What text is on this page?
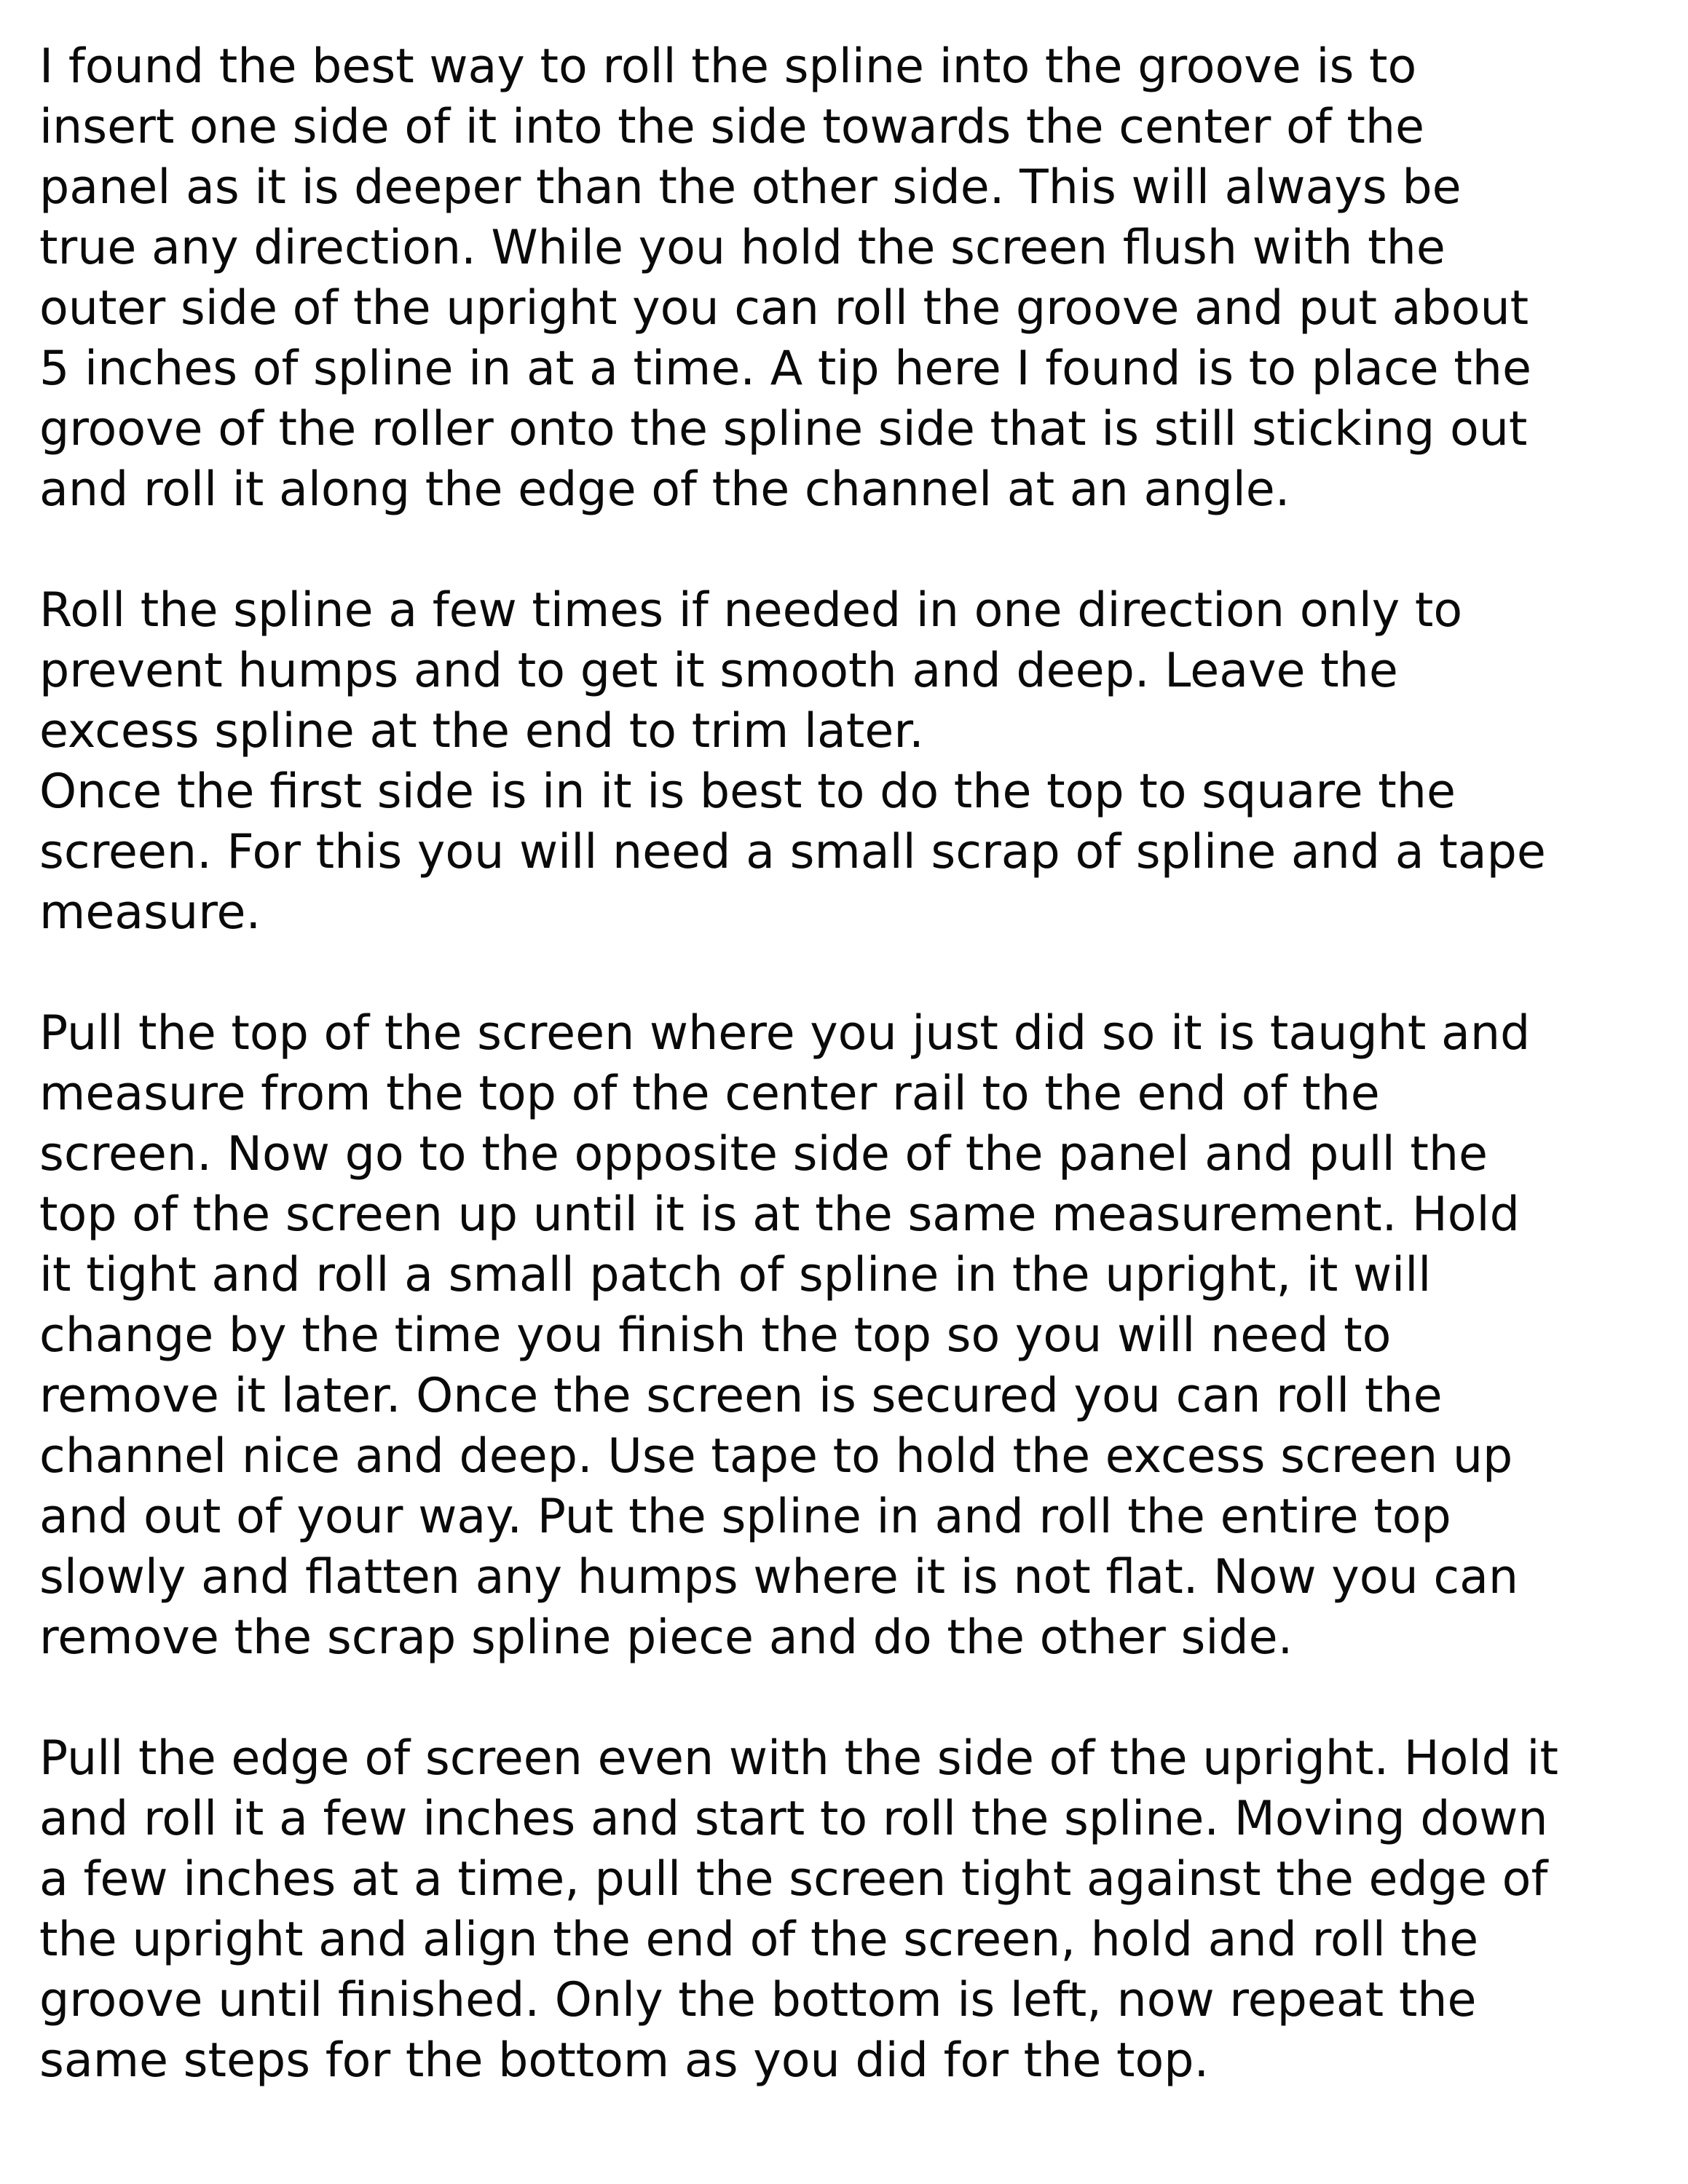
I found the best way to roll the spline into the groove is to
insert one side of it into the side towards the center of the
panel as it is deeper than the other side. This will always be
true any direction. While you hold the screen flush with the
outer side of the upright you can roll the groove and put about
5 inches of spline in at a time. A tip here I found is to place the
groove of the roller onto the spline side that is still sticking out
and roll it along the edge of the channel at an angle.

Roll the spline a few times if needed in one direction only to
prevent humps and to get it smooth and deep. Leave the
excess spline at the end to trim later.

Once the first side is in it is best to do the top to square the
screen. For this you will need a small scrap of spline and a tape
measure.

Pull the top of the screen where you just did so it is taught and
measure from the top of the center rail to the end of the
screen. Now go to the opposite side of the panel and pull the
top of the screen up until it is at the same measurement. Hold
it tight and roll a small patch of spline in the upright, it will
change by the time you finish the top so you will need to
remove it later. Once the screen is secured you can roll the
channel nice and deep. Use tape to hold the excess screen up
and out of your way. Put the spline in and roll the entire top
slowly and flatten any humps where it is not flat. Now you can
remove the scrap spline piece and do the other side.

Pull the edge of screen even with the side of the upright. Hold it
and roll it a few inches and start to roll the spline. Moving down
a few inches at a time, pull the screen tight against the edge of
the upright and align the end of the screen, hold and roll the
groove until finished. Only the bottom is left, now repeat the
same steps for the bottom as you did for the top.
